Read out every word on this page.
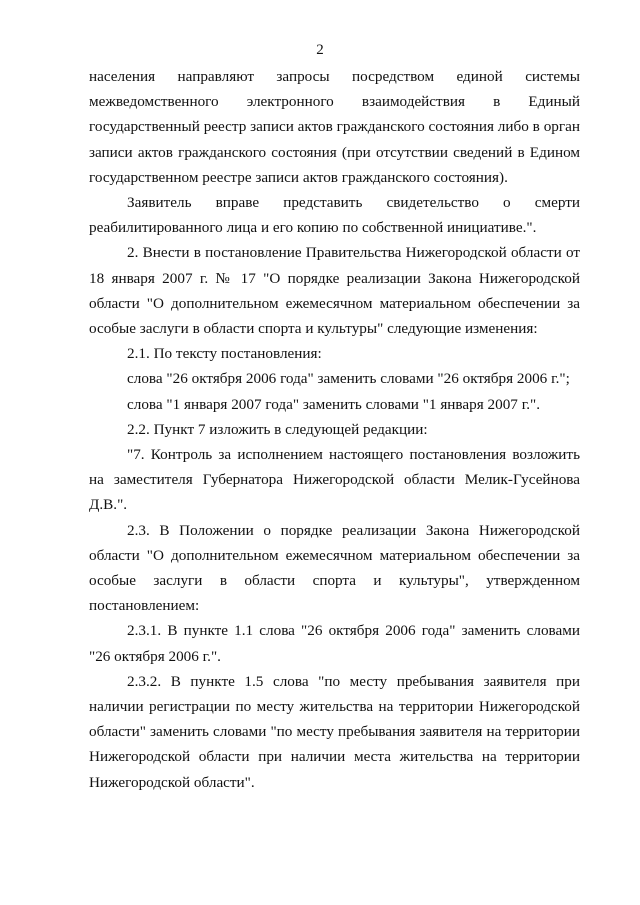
2

населения направляют запросы посредством единой системы межведомственного электронного взаимодействия в Единый государственный реестр записи актов гражданского состояния либо в орган записи актов гражданского состояния (при отсутствии сведений в Едином государственном реестре записи актов гражданского состояния).

Заявитель вправе представить свидетельство о смерти реабилитированного лица и его копию по собственной инициативе.".

2. Внести в постановление Правительства Нижегородской области от 18 января 2007 г. № 17 "О порядке реализации Закона Нижегородской области "О дополнительном ежемесячном материальном обеспечении за особые заслуги в области спорта и культуры" следующие изменения:

2.1. По тексту постановления:

слова "26 октября 2006 года" заменить словами "26 октября 2006 г.";

слова "1 января 2007 года" заменить словами "1 января 2007 г.".

2.2. Пункт 7 изложить в следующей редакции:

"7. Контроль за исполнением настоящего постановления возложить на заместителя Губернатора Нижегородской области Мелик-Гусейнова Д.В.".

2.3. В Положении о порядке реализации Закона Нижегородской области "О дополнительном ежемесячном материальном обеспечении за особые заслуги в области спорта и культуры", утвержденном постановлением:

2.3.1. В пункте 1.1 слова "26 октября 2006 года" заменить словами "26 октября 2006 г.".

2.3.2. В пункте 1.5 слова "по месту пребывания заявителя при наличии регистрации по месту жительства на территории Нижегородской области" заменить словами "по месту пребывания заявителя на территории Нижегородской области при наличии места жительства на территории Нижегородской области".
